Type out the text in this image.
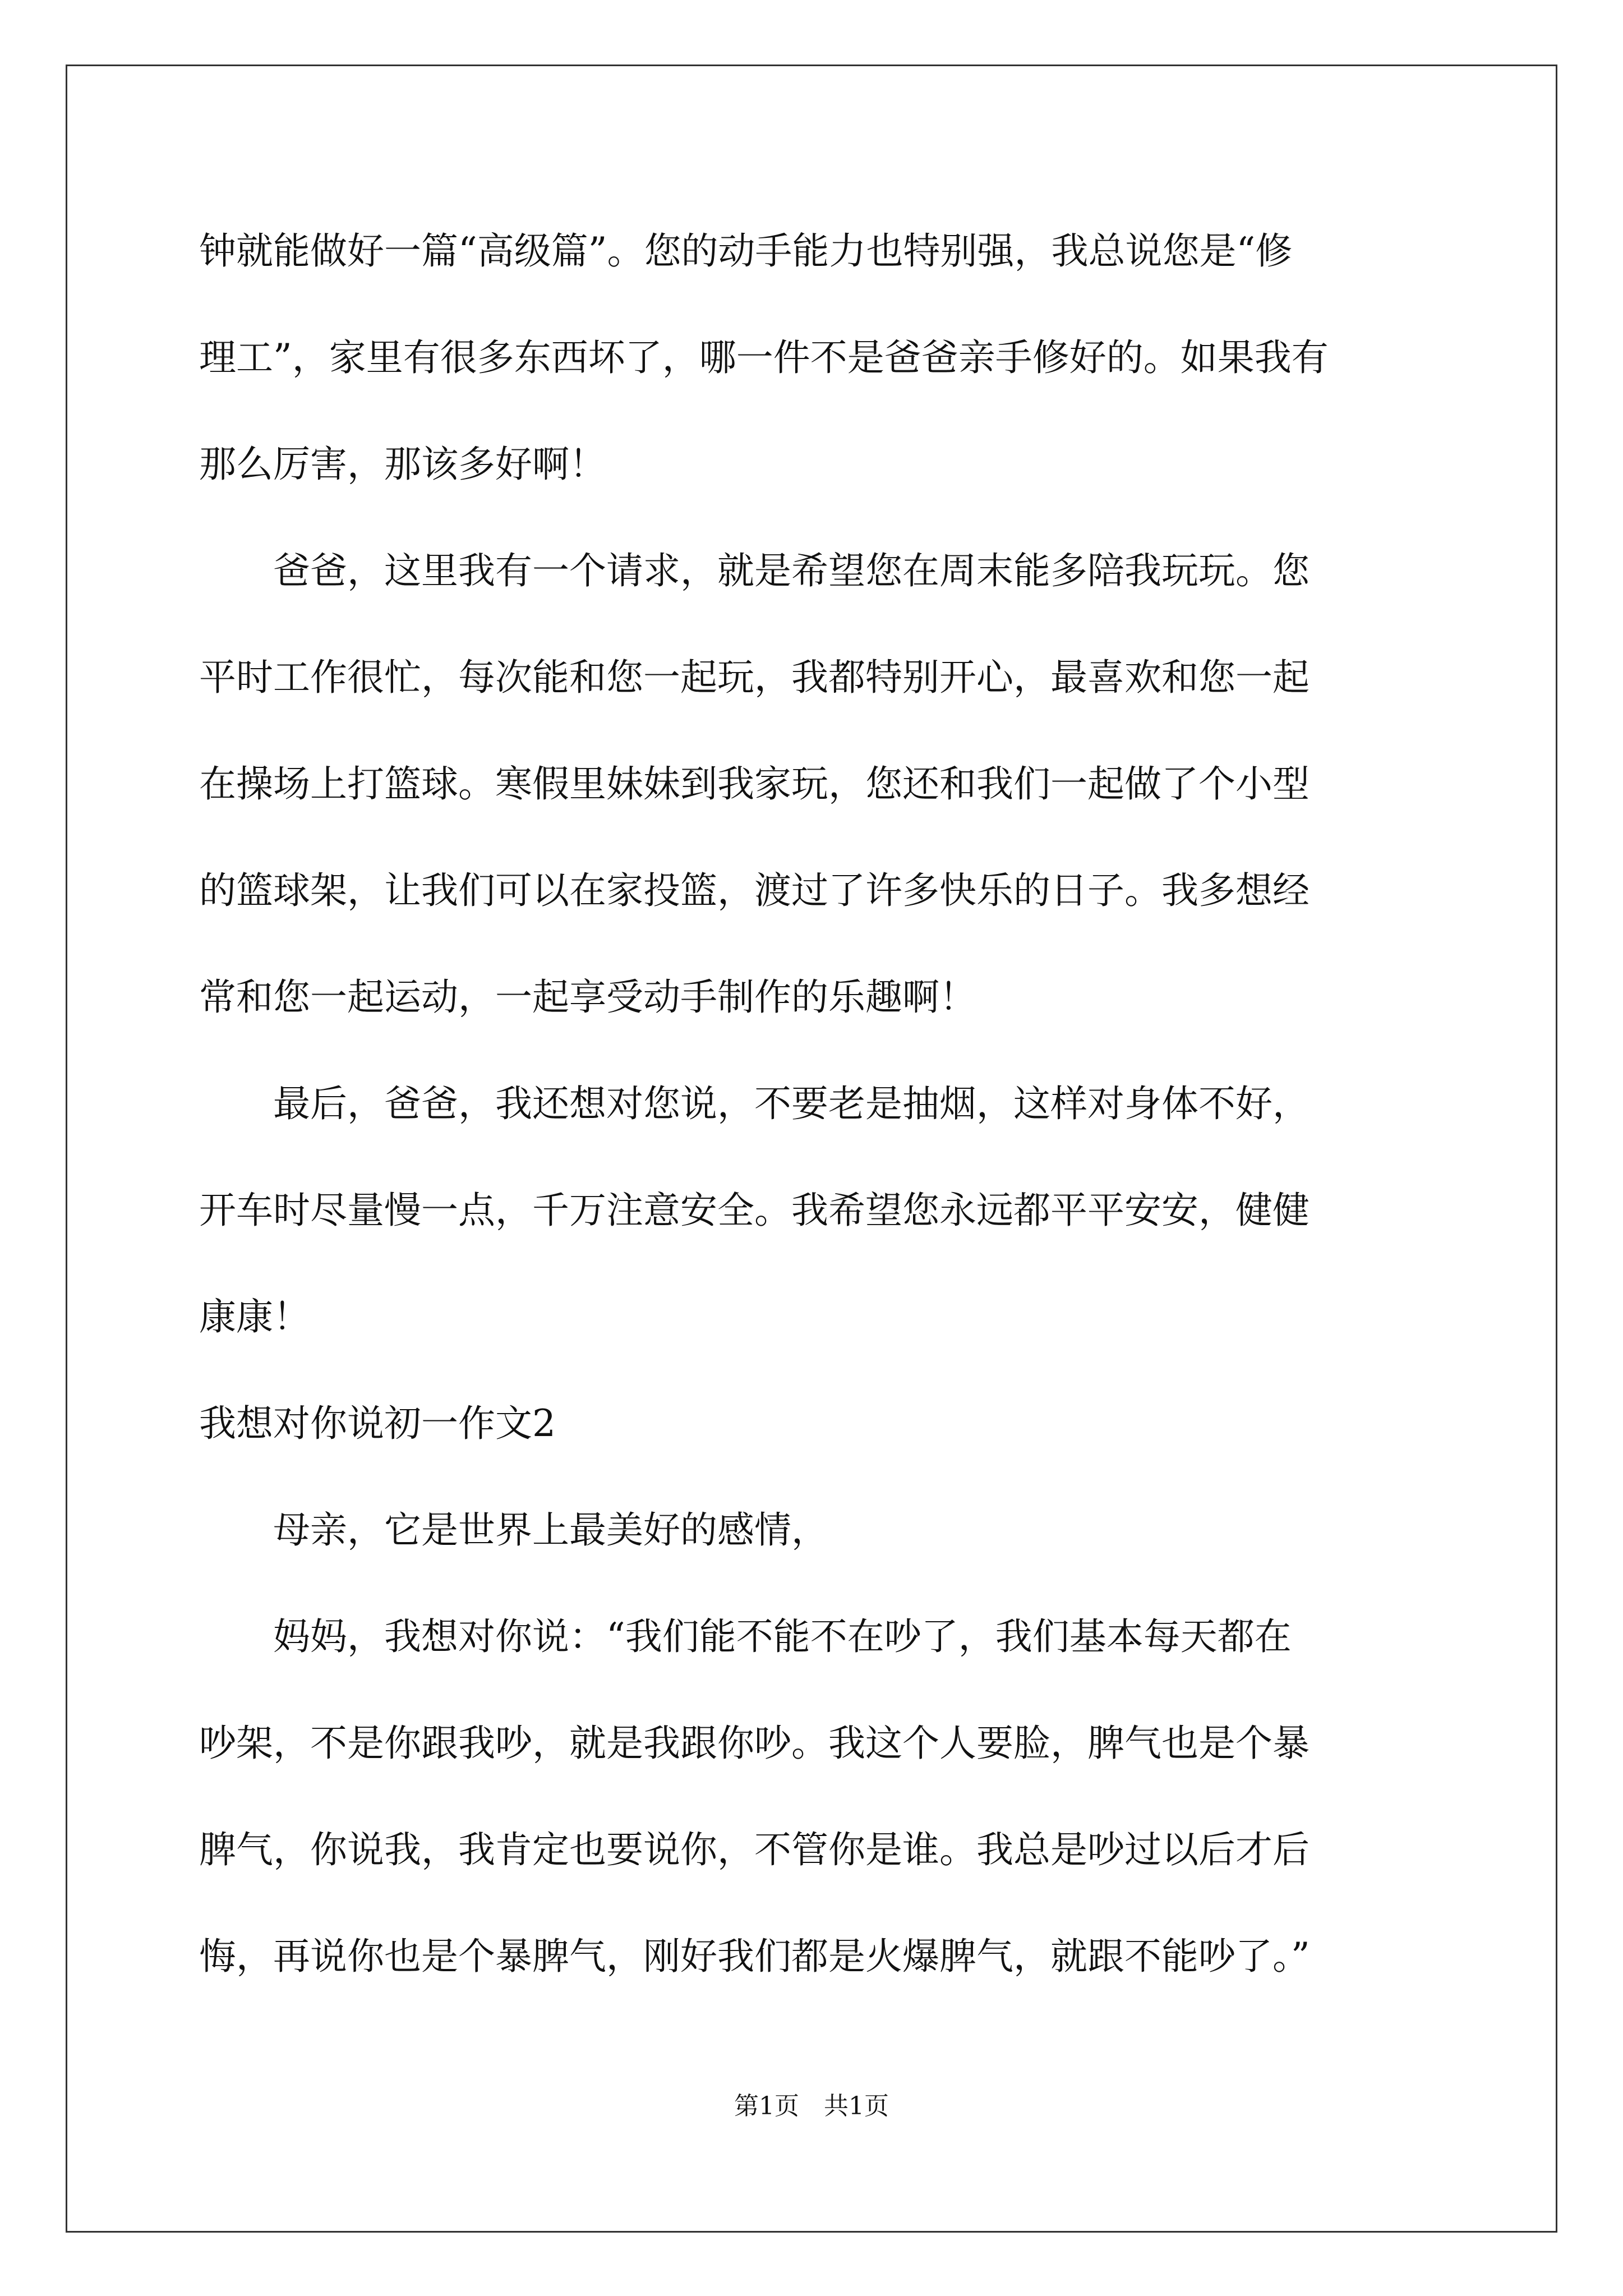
钟就能做好一篇“高级篇”。您的动手能力也特别强，我总说您是“修
理工”，家里有很多东西坏了，哪一件不是爸爸亲手修好的。如果我有
那么厉害，那该多好啊！
　　爸爸，这里我有一个请求，就是希望您在周末能多陪我玩玩。您
平时工作很忙，每次能和您一起玩，我都特别开心，最喜欢和您一起
在操场上打篮球。寒假里妹妹到我家玩，您还和我们一起做了个小型
的篮球架，让我们可以在家投篮，渡过了许多快乐的日子。我多想经
常和您一起运动，一起享受动手制作的乐趣啊！
　　最后，爸爸，我还想对您说，不要老是抽烟，这样对身体不好，
开车时尽量慢一点，千万注意安全。我希望您永远都平平安安，健健
康康！
我想对你说初一作文2
　　母亲，它是世界上最美好的感情，
　　妈妈，我想对你说：“我们能不能不在吵了，我们基本每天都在
吵架，不是你跟我吵，就是我跟你吵。我这个人要脸，脾气也是个暴
脾气，你说我，我肯定也要说你，不管你是谁。我总是吵过以后才后
悔，再说你也是个暴脾气，刚好我们都是火爆脾气，就跟不能吵了。”
第1页　共1页
